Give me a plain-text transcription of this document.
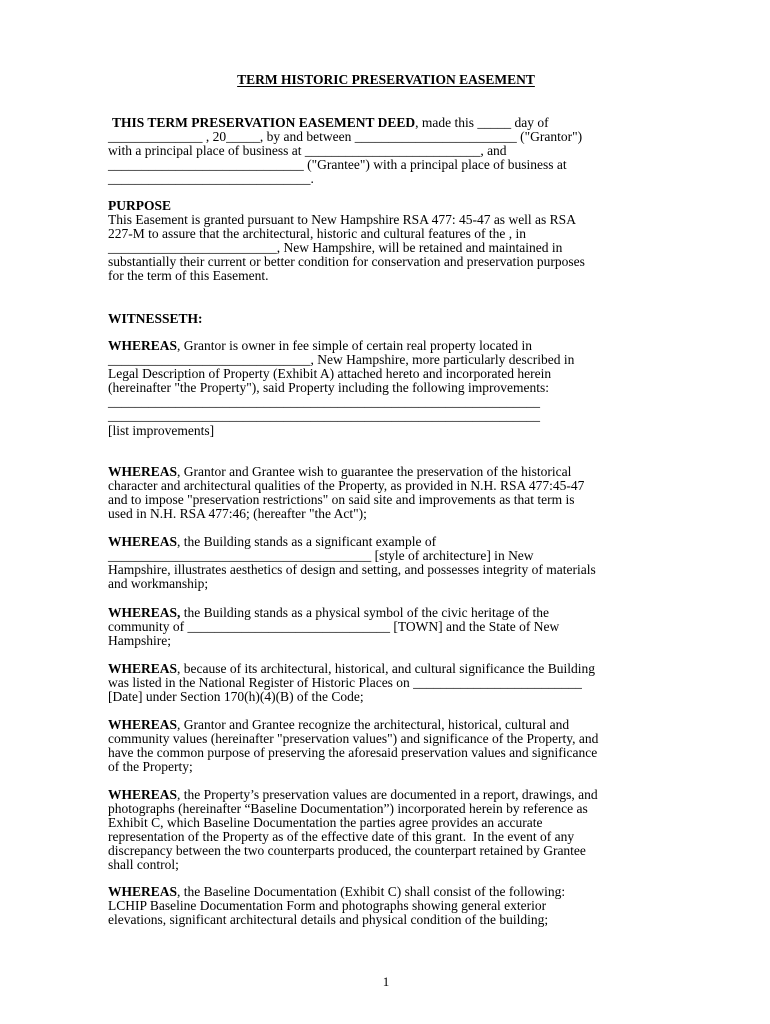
TERM HISTORIC PRESERVATION EASEMENT
THIS TERM PRESERVATION EASEMENT DEED, made this _____ day of
______________ , 20_____, by and between ________________________ ("Grantor")
with a principal place of business at __________________________, and
_____________________________ ("Grantee") with a principal place of business at
______________________________.
PURPOSE
This Easement is granted pursuant to New Hampshire RSA 477: 45-47 as well as RSA
227-M to assure that the architectural, historic and cultural features of the , in
_________________________, New Hampshire, will be retained and maintained in
substantially their current or better condition for conservation and preservation purposes
for the term of this Easement.
WITNESSETH:
WHEREAS, Grantor is owner in fee simple of certain real property located in
______________________________, New Hampshire, more particularly described in
Legal Description of Property (Exhibit A) attached hereto and incorporated herein
(hereinafter "the Property"), said Property including the following improvements:
________________________________________________________________
________________________________________________________________
[list improvements]
WHEREAS, Grantor and Grantee wish to guarantee the preservation of the historical
character and architectural qualities of the Property, as provided in N.H. RSA 477:45-47
and to impose "preservation restrictions" on said site and improvements as that term is
used in N.H. RSA 477:46; (hereafter "the Act");
WHEREAS, the Building stands as a significant example of
_______________________________________ [style of architecture] in New
Hampshire, illustrates aesthetics of design and setting, and possesses integrity of materials
and workmanship;
WHEREAS, the Building stands as a physical symbol of the civic heritage of the
community of ______________________________ [TOWN] and the State of New
Hampshire;
WHEREAS, because of its architectural, historical, and cultural significance the Building
was listed in the National Register of Historic Places on _________________________
[Date] under Section 170(h)(4)(B) of the Code;
WHEREAS, Grantor and Grantee recognize the architectural, historical, cultural and
community values (hereinafter "preservation values") and significance of the Property, and
have the common purpose of preserving the aforesaid preservation values and significance
of the Property;
WHEREAS, the Property’s preservation values are documented in a report, drawings, and
photographs (hereinafter “Baseline Documentation”) incorporated herein by reference as
Exhibit C, which Baseline Documentation the parties agree provides an accurate
representation of the Property as of the effective date of this grant.  In the event of any
discrepancy between the two counterparts produced, the counterpart retained by Grantee
shall control;
WHEREAS, the Baseline Documentation (Exhibit C) shall consist of the following:
LCHIP Baseline Documentation Form and photographs showing general exterior
elevations, significant architectural details and physical condition of the building;
1
